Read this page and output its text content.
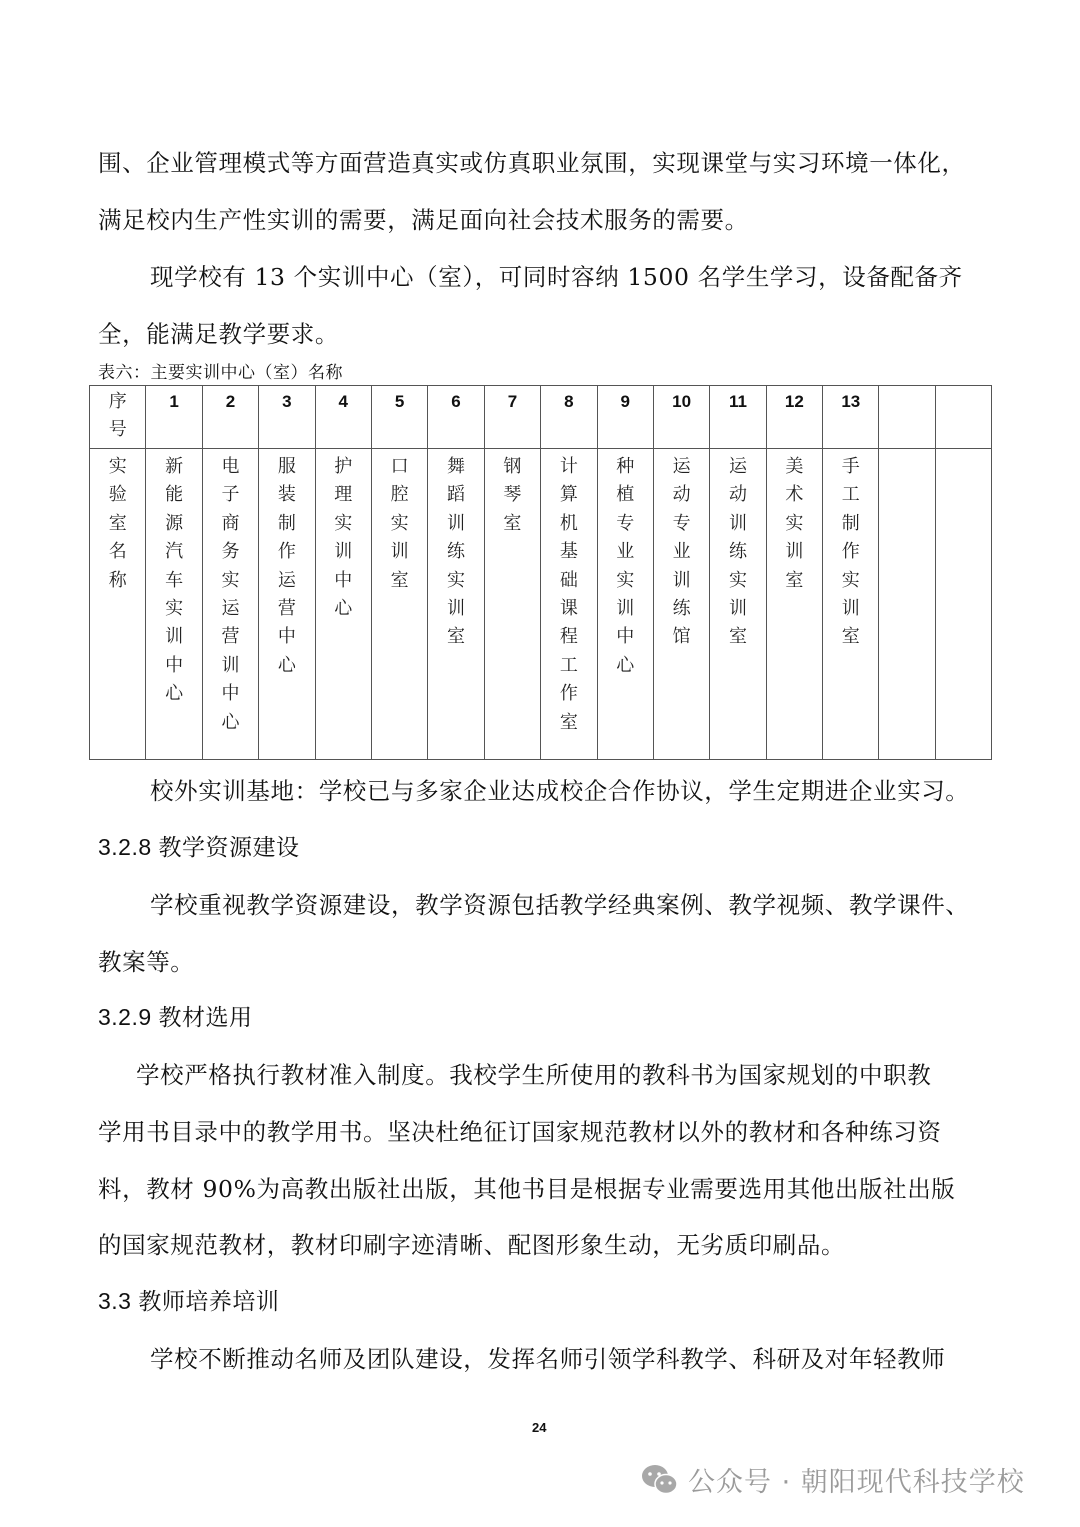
围、企业管理模式等方面营造真实或仿真职业氛围，实现课堂与实习环境一体化，
满足校内生产性实训的需要，满足面向社会技术服务的需要。
现学校有 13 个实训中心（室），可同时容纳 1500 名学生学习，设备配备齐
全，能满足教学要求。
表六：主要实训中心（室）名称
序号	1	2	3	4	5	6	7	8	9	10	11	12	13		
实验室名称	新能源汽车实训中心	电子商务实运营训中心	服装制作运营中心	护理实训中心	口腔实训室	舞蹈训练实训室	钢琴室	计算机基础课程工作室	种植专业实训中心	运动专业训练馆	运动训练实训室	美术实训室	手工制作实训室		
校外实训基地：学校已与多家企业达成校企合作协议，学生定期进企业实习。
3.2.8 教学资源建设
学校重视教学资源建设，教学资源包括教学经典案例、教学视频、教学课件、
教案等。
3.2.9 教材选用
学校严格执行教材准入制度。我校学生所使用的教科书为国家规划的中职教
学用书目录中的教学用书。坚决杜绝征订国家规范教材以外的教材和各种练习资
料，教材 90%为高教出版社出版，其他书目是根据专业需要选用其他出版社出版
的国家规范教材，教材印刷字迹清晰、配图形象生动，无劣质印刷品。
3.3 教师培养培训
学校不断推动名师及团队建设，发挥名师引领学科教学、科研及对年轻教师
24
公众号 · 朝阳现代科技学校
